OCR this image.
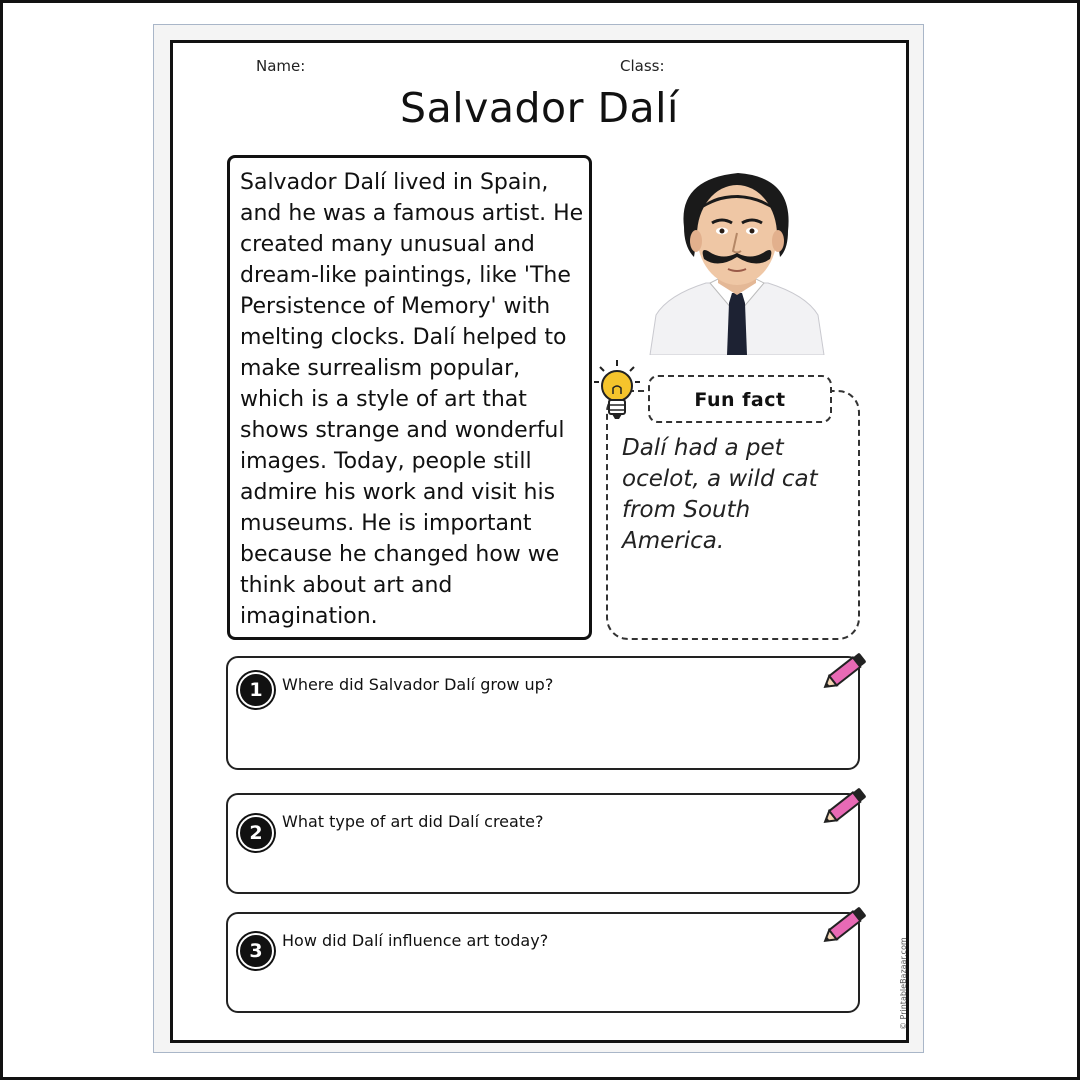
Name:	Class:
Salvador Dalí
Salvador Dalí lived in Spain, and he was a famous artist. He created many unusual and dream-like paintings, like 'The Persistence of Memory' with melting clocks. Dalí helped to make surrealism popular, which is a style of art that shows strange and wonderful images. Today, people still admire his work and visit his museums. He is important because he changed how we think about art and imagination.
Fun fact
Dalí had a pet ocelot, a wild cat from South America.
1	Where did Salvador Dalí grow up?
2
What type of art did Dalí create?
3	How did Dalí influence art today?	© PrintableBazaar.com
